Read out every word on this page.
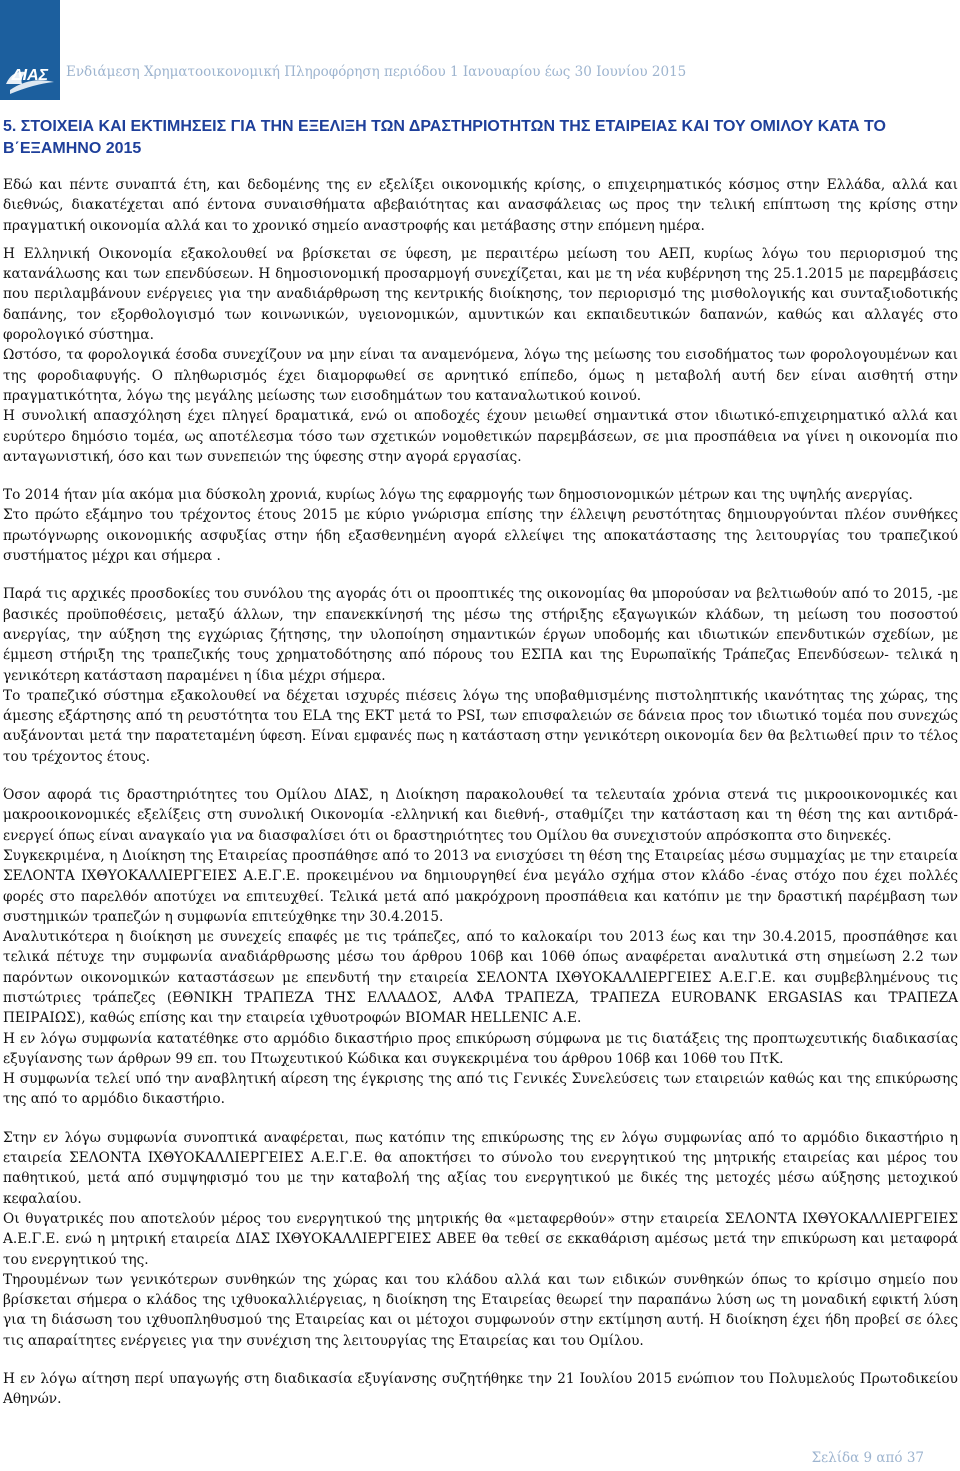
ΔΙΑΣ Ενδιάμεση Χρηματοοικονομική Πληροφόρηση περιόδου 1 Ιανουαρίου έως 30 Ιουνίου 2015
5. ΣΤΟΙΧΕΙΑ ΚΑΙ ΕΚΤΙΜΗΣΕΙΣ ΓΙΑ ΤΗΝ ΕΞΕΛΙΞΗ ΤΩΝ ΔΡΑΣΤΗΡΙΟΤΗΤΩΝ ΤΗΣ ΕΤΑΙΡΕΙΑΣ ΚΑΙ ΤΟΥ ΟΜΙΛΟΥ ΚΑΤΑ ΤΟ Β΄ΕΞΑΜΗΝΟ 2015

Εδώ και πέντε συναπτά έτη, και δεδομένης της εν εξελίξει οικονομικής κρίσης, ο επιχειρηματικός κόσμος στην Ελλάδα, αλλά και διεθνώς, διακατέχεται από έντονα συναισθήματα αβεβαιότητας και ανασφάλειας ως προς την τελική επίπτωση της κρίσης στην πραγματική οικονομία αλλά και το χρονικό σημείο αναστροφής και μετάβασης στην επόμενη ημέρα.

Η Ελληνική Οικονομία εξακολουθεί να βρίσκεται σε ύφεση, με περαιτέρω μείωση του ΑΕΠ, κυρίως λόγω του περιορισμού της κατανάλωσης και των επενδύσεων. Η δημοσιονομική προσαρμογή συνεχίζεται, και με τη νέα κυβέρνηση της 25.1.2015 με παρεμβάσεις που περιλαμβάνουν ενέργειες για την αναδιάρθρωση της κεντρικής διοίκησης, τον περιορισμό της μισθολογικής και συνταξιοδοτικής δαπάνης, τον εξορθολογισμό των κοινωνικών, υγειονομικών, αμυντικών και εκπαιδευτικών δαπανών, καθώς και αλλαγές στο φορολογικό σύστημα.

Ωστόσο, τα φορολογικά έσοδα συνεχίζουν να μην είναι τα αναμενόμενα, λόγω της μείωσης του εισοδήματος των φορολογουμένων και της φοροδιαφυγής. Ο πληθωρισμός έχει διαμορφωθεί σε αρνητικό επίπεδο, όμως η μεταβολή αυτή δεν είναι αισθητή στην πραγματικότητα, λόγω της μεγάλης μείωσης των εισοδημάτων του καταναλωτικού κοινού.

Η συνολική απασχόληση έχει πληγεί δραματικά, ενώ οι αποδοχές έχουν μειωθεί σημαντικά στον ιδιωτικό-επιχειρηματικό αλλά και ευρύτερο δημόσιο τομέα, ως αποτέλεσμα τόσο των σχετικών νομοθετικών παρεμβάσεων, σε μια προσπάθεια να γίνει η οικονομία πιο ανταγωνιστική, όσο και των συνεπειών της ύφεσης στην αγορά εργασίας.

Το 2014 ήταν μία ακόμα μια δύσκολη χρονιά, κυρίως λόγω της εφαρμογής των δημοσιονομικών μέτρων και της υψηλής ανεργίας.

Στο πρώτο εξάμηνο του τρέχοντος έτους 2015 με κύριο γνώρισμα επίσης την έλλειψη ρευστότητας δημιουργούνται πλέον συνθήκες πρωτόγνωρης οικονομικής ασφυξίας στην ήδη εξασθενημένη αγορά ελλείψει της αποκατάστασης της λειτουργίας του τραπεζικού συστήματος μέχρι και σήμερα .

Παρά τις αρχικές προσδοκίες του συνόλου της αγοράς ότι οι προοπτικές της οικονομίας θα μπορούσαν να βελτιωθούν από το 2015, -με βασικές προϋποθέσεις, μεταξύ άλλων, την επανεκκίνησή της μέσω της στήριξης εξαγωγικών κλάδων, τη μείωση του ποσοστού ανεργίας, την αύξηση της εγχώριας ζήτησης, την υλοποίηση σημαντικών έργων υποδομής και ιδιωτικών επενδυτικών σχεδίων, με έμμεση στήριξη της τραπεζικής τους χρηματοδότησης από πόρους του ΕΣΠΑ και της Ευρωπαϊκής Τράπεζας Επενδύσεων- τελικά η γενικότερη κατάσταση παραμένει η ίδια μέχρι σήμερα.

Το τραπεζικό σύστημα εξακολουθεί να δέχεται ισχυρές πιέσεις λόγω της υποβαθμισμένης πιστοληπτικής ικανότητας της χώρας, της άμεσης εξάρτησης από τη ρευστότητα του ELA της ΕΚΤ μετά το PSI, των επισφαλειών σε δάνεια προς τον ιδιωτικό τομέα που συνεχώς αυξάνονται μετά την παρατεταμένη ύφεση. Είναι εμφανές πως η κατάσταση στην γενικότερη οικονομία δεν θα βελτιωθεί πριν το τέλος του τρέχοντος έτους.

Όσον αφορά τις δραστηριότητες του Ομίλου ΔΙΑΣ, η Διοίκηση παρακολουθεί τα τελευταία χρόνια στενά τις μικροοικονομικές και μακροοικονομικές εξελίξεις στη συνολική Οικονομία -ελληνική και διεθνή-, σταθμίζει την κατάσταση και τη θέση της και αντιδρά- ενεργεί όπως είναι αναγκαίο για να διασφαλίσει ότι οι δραστηριότητες του Ομίλου θα συνεχιστούν απρόσκοπτα στο διηνεκές.

Συγκεκριμένα, η Διοίκηση της Εταιρείας προσπάθησε από το 2013 να ενισχύσει τη θέση της Εταιρείας μέσω συμμαχίας με την εταιρεία ΣΕΛΟΝΤΑ ΙΧΘΥΟΚΑΛΛΙΕΡΓΕΙΕΣ Α.Ε.Γ.Ε. προκειμένου να δημιουργηθεί ένα μεγάλο σχήμα στον κλάδο -ένας στόχο που έχει πολλές φορές στο παρελθόν αποτύχει να επιτευχθεί. Τελικά μετά από μακρόχρονη προσπάθεια και κατόπιν με την δραστική παρέμβαση των συστημικών τραπεζών η συμφωνία επιτεύχθηκε την 30.4.2015.

Αναλυτικότερα η διοίκηση με συνεχείς επαφές με τις τράπεζες, από το καλοκαίρι του 2013 έως και την 30.4.2015, προσπάθησε και τελικά πέτυχε την συμφωνία αναδιάρθρωσης μέσω του άρθρου 106β και 106θ όπως αναφέρεται αναλυτικά στη σημείωση 2.2 των παρόντων οικονομικών καταστάσεων με επενδυτή την εταιρεία ΣΕΛΟΝΤΑ ΙΧΘΥΟΚΑΛΛΙΕΡΓΕΙΕΣ Α.Ε.Γ.Ε. και συμβεβλημένους τις πιστώτριες τράπεζες (ΕΘΝΙΚΗ ΤΡΑΠΕΖΑ ΤΗΣ ΕΛΛΑΔΟΣ, ΑΛΦΑ ΤΡΑΠΕΖΑ, ΤΡΑΠΕΖΑ EUROBANK ERGASIAS και ΤΡΑΠΕΖΑ ΠΕΙΡΑΙΩΣ), καθώς επίσης και την εταιρεία ιχθυοτροφών BIOMAR HELLENIC A.E.

Η εν λόγω συμφωνία κατατέθηκε στο αρμόδιο δικαστήριο προς επικύρωση σύμφωνα με τις διατάξεις της προπτωχευτικής διαδικασίας εξυγίανσης των άρθρων 99 επ. του Πτωχευτικού Κώδικα και συγκεκριμένα του άρθρου 106β και 106θ του ΠτΚ.

Η συμφωνία τελεί υπό την αναβλητική αίρεση της έγκρισης της από τις Γενικές Συνελεύσεις των εταιρειών καθώς και της επικύρωσης της από το αρμόδιο δικαστήριο.

Στην εν λόγω συμφωνία συνοπτικά αναφέρεται, πως κατόπιν της επικύρωσης της εν λόγω συμφωνίας από το αρμόδιο δικαστήριο η εταιρεία ΣΕΛΟΝΤΑ ΙΧΘΥΟΚΑΛΛΙΕΡΓΕΙΕΣ Α.Ε.Γ.Ε. θα αποκτήσει το σύνολο του ενεργητικού της μητρικής εταιρείας και μέρος του παθητικού, μετά από συμψηφισμό του με την καταβολή της αξίας του ενεργητικού με δικές της μετοχές μέσω αύξησης μετοχικού κεφαλαίου.

Οι θυγατρικές που αποτελούν μέρος του ενεργητικού της μητρικής θα «μεταφερθούν» στην εταιρεία ΣΕΛΟΝΤΑ ΙΧΘΥΟΚΑΛΛΙΕΡΓΕΙΕΣ Α.Ε.Γ.Ε. ενώ η μητρική εταιρεία ΔΙΑΣ ΙΧΘΥΟΚΑΛΛΙΕΡΓΕΙΕΣ ΑΒΕΕ θα τεθεί σε εκκαθάριση αμέσως μετά την επικύρωση και μεταφορά του ενεργητικού της.

Τηρουμένων των γενικότερων συνθηκών της χώρας και του κλάδου αλλά και των ειδικών συνθηκών όπως το κρίσιμο σημείο που βρίσκεται σήμερα ο κλάδος της ιχθυοκαλλιέργειας, η διοίκηση της Εταιρείας θεωρεί την παραπάνω λύση ως τη μοναδική εφικτή λύση για τη διάσωση του ιχθυοπληθυσμού της Εταιρείας και οι μέτοχοι συμφωνούν στην εκτίμηση αυτή. Η διοίκηση έχει ήδη προβεί σε όλες τις απαραίτητες ενέργειες για την συνέχιση της λειτουργίας της Εταιρείας και του Ομίλου.

Η εν λόγω αίτηση περί υπαγωγής στη διαδικασία εξυγίανσης συζητήθηκε την 21 Ιουλίου 2015 ενώπιον του Πολυμελούς Πρωτοδικείου Αθηνών.

Σελίδα 9 από 37
